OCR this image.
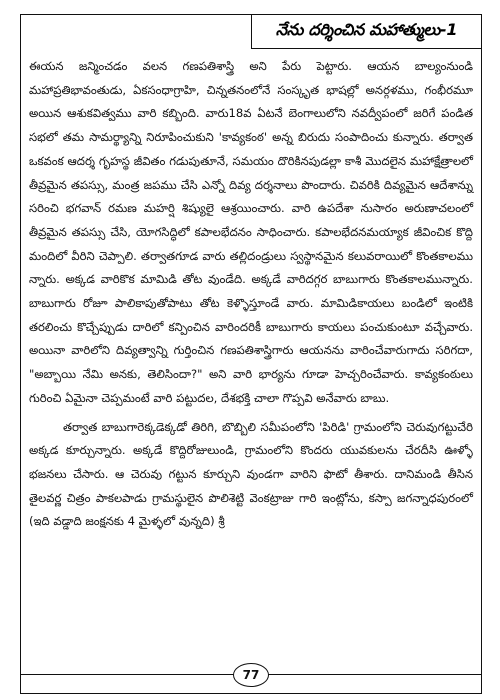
నేను దర్శించిన మహాత్ములు-1

ఈయన జన్మించడం వలన గణపతిశాస్త్రి అని పేరు పెట్టారు. ఆయన బాల్యంనుండి మహాప్రతిభావంతుడు, ఏకసంధాగ్రాహి, చిన్నతనంలోనే సంస్కృత భాషల్లో అనర్గళము, గంభీరమూ అయిన ఆశుకవిత్వము వారి కబ్బింది. వారు18వ ఏటనే బెంగాలులోని నవద్వీపంలో జరిగే పండిత సభలో తమ సామర్థ్యాన్ని నిరూపించుకుని 'కావ్యకంఠ' అన్న బిరుదు సంపాదించు కున్నారు. తర్వాత ఒకవంక ఆదర్శ గృహస్థ జీవితం గడుపుతూనే, సమయం దొరికినపుడల్లా కాశీ మొదలైన మహాక్షేత్రాలలో తీవ్రమైన తపస్సు, మంత్ర జపము చేసి ఎన్నో దివ్య దర్శనాలు పొందారు. చివరికి దివ్యమైన ఆదేశాన్ను సరించి భగవాన్ రమణ మహర్షి శిష్యులై ఆశ్రయించారు. వారి ఉపదేశా నుసారం అరుణాచలంలో తీవ్రమైన తపస్సు చేసి, యోగసిద్ధిలో కపాలభేదనం సాధించారు. కపాలభేదనమయ్యాక జీవించిక కొద్ది మందిలో వీరిని చెప్పాలి. తర్వాతగూడ వారు తల్లిదండ్రులు స్వస్థానమైన కలువరాయిలో కొంతకాలము న్నారు. అక్కడ వారికొక మామిడి తోట వుండేది. అక్కడే వారిదగ్గర బాబుగారు కొంతకాలమున్నారు. బాబుగారు రోజూ పాలికాపుతోపాటు తోట కెళ్ళొస్తూండే వారు. మామిడికాయలు బండిలో ఇంటికి తరలించు కొచ్చేప్పుడు దారిలో కన్పించిన వారిందరికీ బాబుగారు కాయలు పంచుకుంటూ వచ్చేవారు. అయినా వారిలోని దివ్యత్వాన్ని గుర్తించిన గణపతిశాస్త్రిగారు ఆయనను వారించేవారుగాదు సరిగదా, "అబ్బాయి నేమి అనకు, తెలిసిందా?" అని వారి భార్యను గూడా హెచ్చరించేవారు. కావ్యకంఠులు గురించి ఏమైనా చెప్పమంటే వారి పట్టుదల, దేశభక్తి చాలా గొప్పవి అనేవారు బాబు.

తర్వాత బాబుగారెక్కడెక్కడో తిరిగి, బొబ్బిలి సమీపంలోని 'పిరిడి' గ్రామంలోని చెరువుగట్టుచేరి అక్కడ కూర్చున్నారు. అక్కడే కొద్దిరోజులుండి, గ్రామంలోని కొందరు యువకులను చేరదీసి ఊళ్ళో భజనలు చేసారు. ఆ చెరువు గట్టున కూర్చుని వుండగా వారిని ఫొటో తీశారు. దానిమండి తీసిన తైలవర్ణ చిత్రం పాకలపాడు గ్రామస్థులైన పొలిశెట్టి వెంకట్రాజు గారి ఇంట్లోను, కస్పా జగన్నాధపురంలో (ఇది వడ్డాది జంక్షనకు 4 మైళ్ళలో వున్నది) శ్రీ

77
